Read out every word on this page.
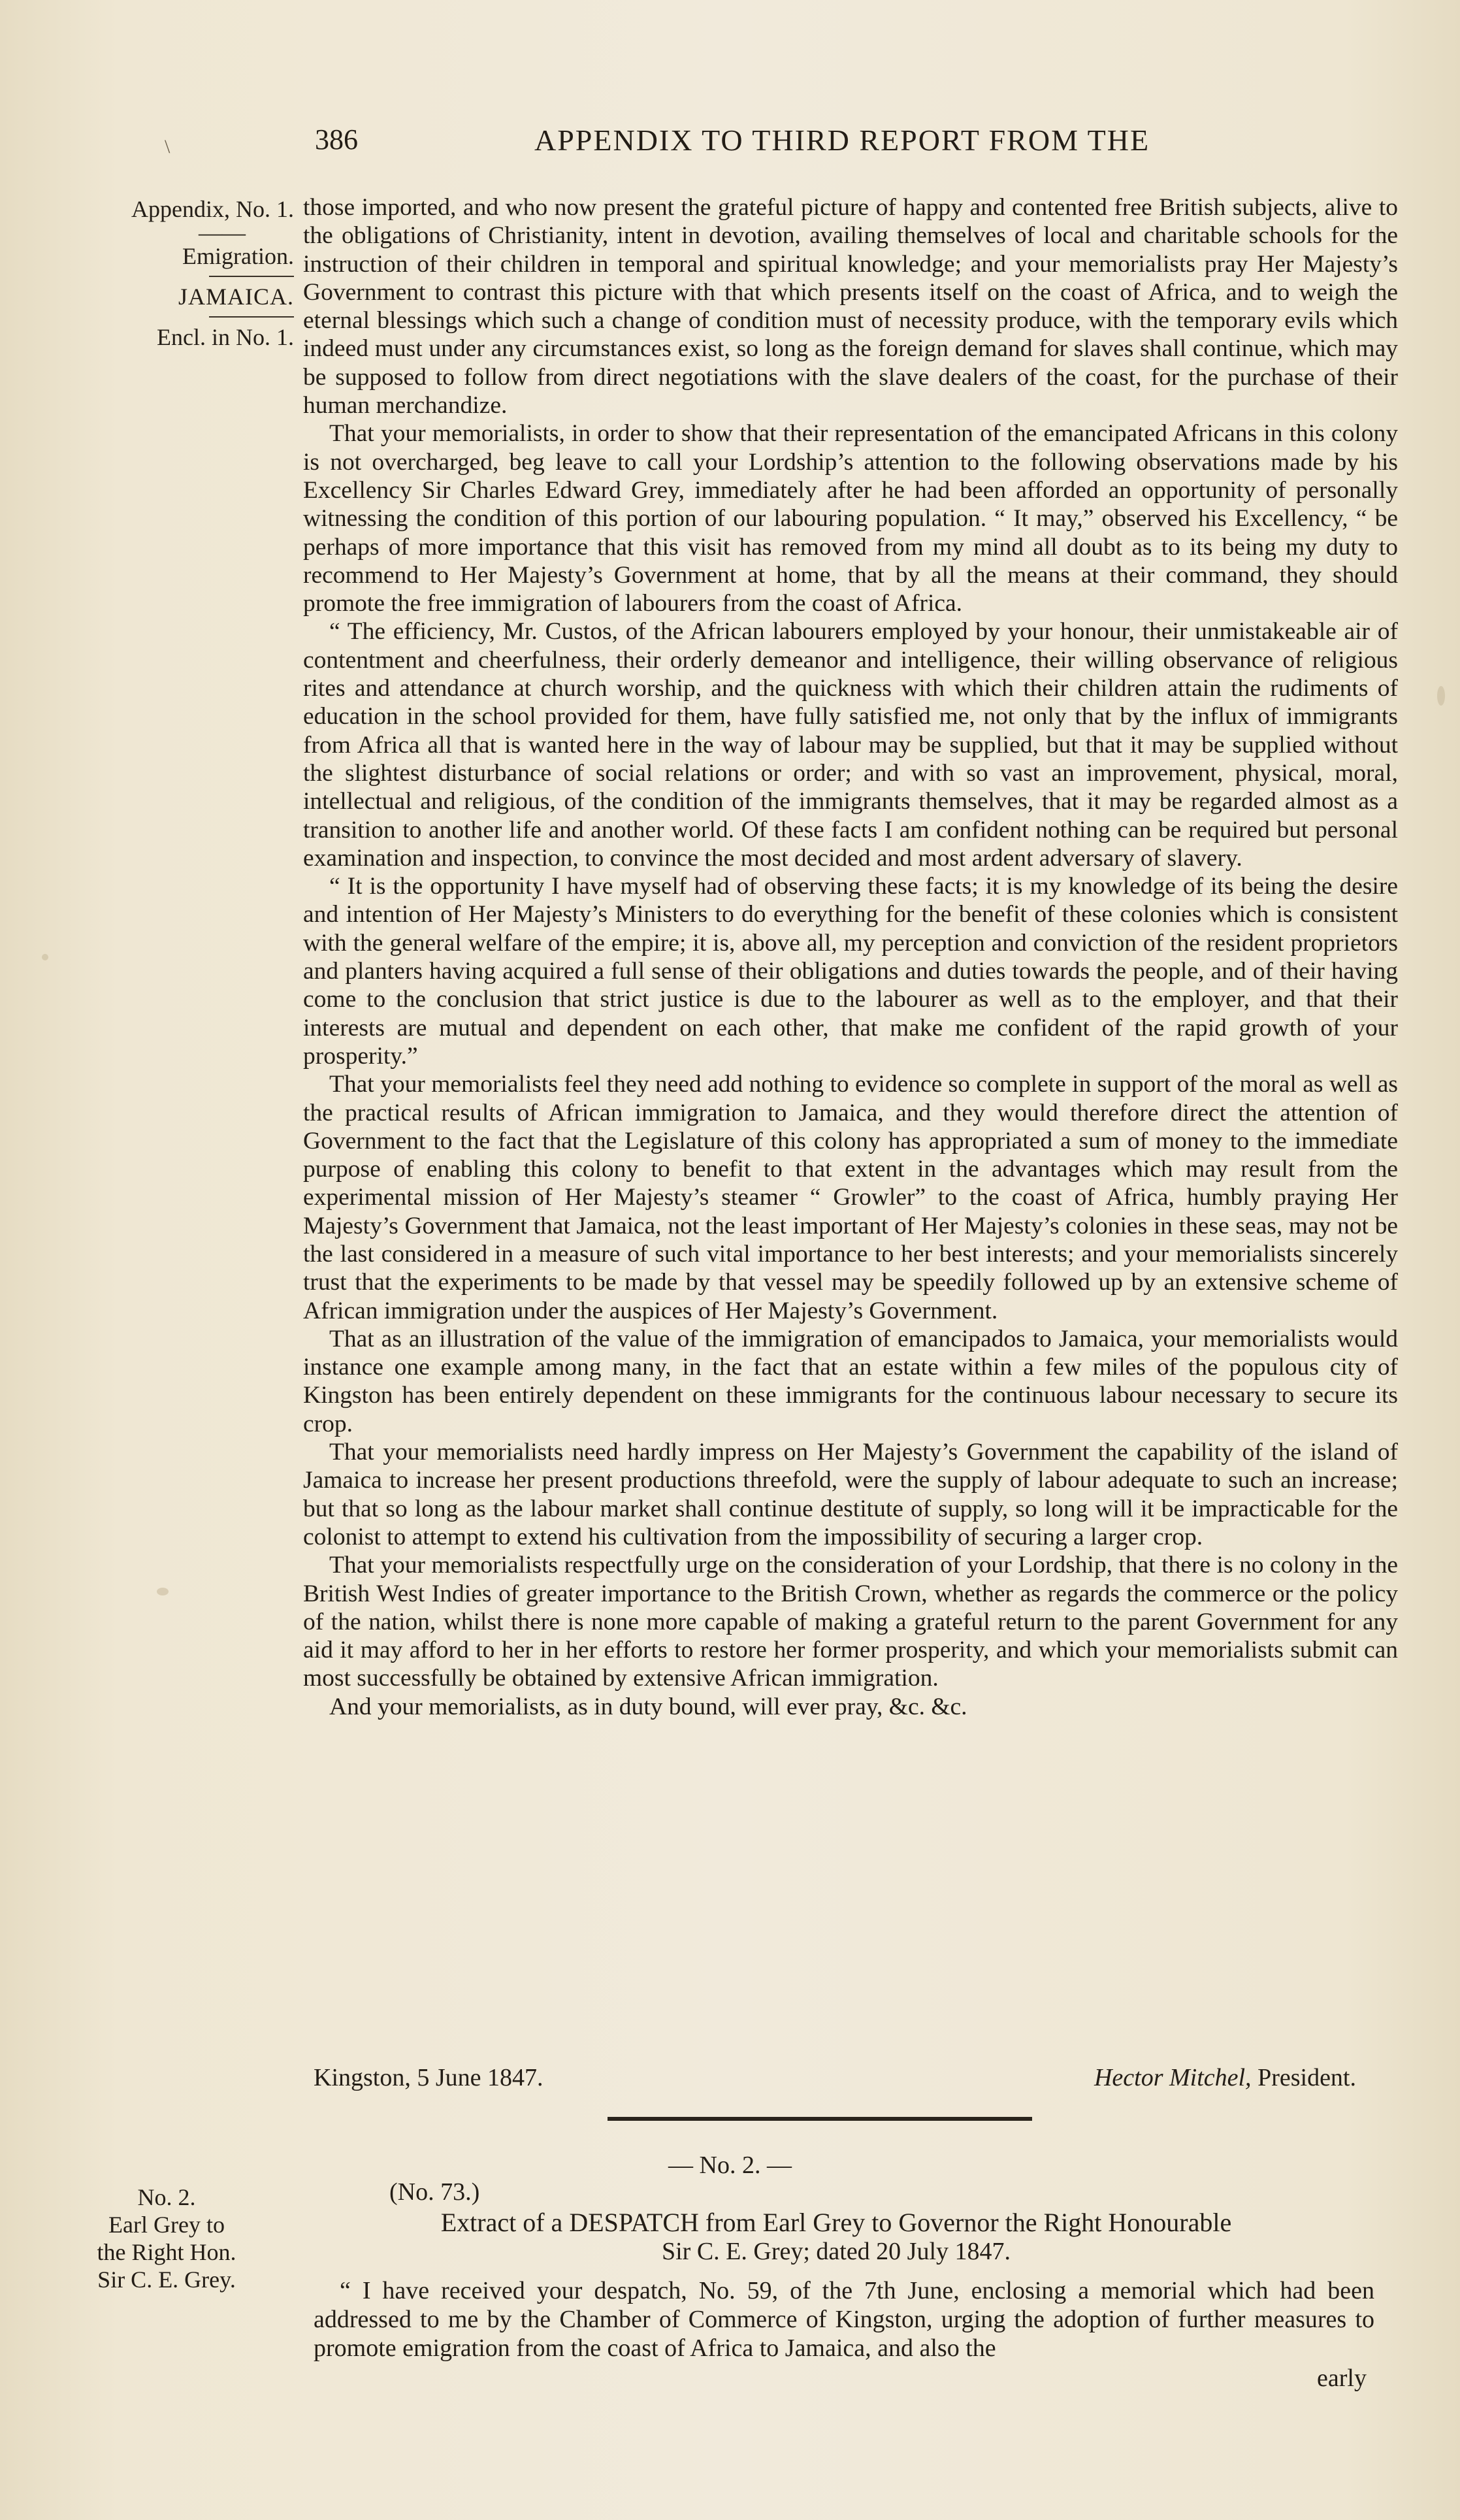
\	386	APPENDIX TO THIRD REPORT FROM THE
Appendix, No. 1.
——
Emigration.
JAMAICA.
Encl. in No. 1.

those imported, and who now present the grateful picture of happy and contented free British subjects, alive to the obligations of Christianity, intent in devotion, availing themselves of local and charitable schools for the instruction of their children in temporal and spiritual knowledge; and your memorialists pray Her Majesty’s Government to contrast this picture with that which presents itself on the coast of Africa, and to weigh the eternal blessings which such a change of condition must of necessity produce, with the temporary evils which indeed must under any circumstances exist, so long as the foreign demand for slaves shall continue, which may be supposed to follow from direct negotiations with the slave dealers of the coast, for the purchase of their human merchandize.

That your memorialists, in order to show that their representation of the emancipated Africans in this colony is not overcharged, beg leave to call your Lordship’s attention to the following observations made by his Excellency Sir Charles Edward Grey, immediately after he had been afforded an opportunity of personally witnessing the condition of this portion of our labouring population. “ It may,” observed his Excellency, “ be perhaps of more importance that this visit has removed from my mind all doubt as to its being my duty to recommend to Her Majesty’s Government at home, that by all the means at their command, they should promote the free immigration of labourers from the coast of Africa.

“ The efficiency, Mr. Custos, of the African labourers employed by your honour, their unmistakeable air of contentment and cheerfulness, their orderly demeanor and intelligence, their willing observance of religious rites and attendance at church worship, and the quickness with which their children attain the rudiments of education in the school provided for them, have fully satisfied me, not only that by the influx of immigrants from Africa all that is wanted here in the way of labour may be supplied, but that it may be supplied without the slightest disturbance of social relations or order; and with so vast an improvement, physical, moral, intellectual and religious, of the condition of the immigrants themselves, that it may be regarded almost as a transition to another life and another world. Of these facts I am confident nothing can be required but personal examination and inspection, to convince the most decided and most ardent adversary of slavery.

“ It is the opportunity I have myself had of observing these facts; it is my knowledge of its being the desire and intention of Her Majesty’s Ministers to do everything for the benefit of these colonies which is consistent with the general welfare of the empire; it is, above all, my perception and conviction of the resident proprietors and planters having acquired a full sense of their obligations and duties towards the people, and of their having come to the conclusion that strict justice is due to the labourer as well as to the employer, and that their interests are mutual and dependent on each other, that make me confident of the rapid growth of your prosperity.”

That your memorialists feel they need add nothing to evidence so complete in support of the moral as well as the practical results of African immigration to Jamaica, and they would therefore direct the attention of Government to the fact that the Legislature of this colony has appropriated a sum of money to the immediate purpose of enabling this colony to benefit to that extent in the advantages which may result from the experimental mission of Her Majesty’s steamer “ Growler” to the coast of Africa, humbly praying Her Majesty’s Government that Jamaica, not the least important of Her Majesty’s colonies in these seas, may not be the last considered in a measure of such vital importance to her best interests; and your memorialists sincerely trust that the experiments to be made by that vessel may be speedily followed up by an extensive scheme of African immigration under the auspices of Her Majesty’s Government.

That as an illustration of the value of the immigration of emancipados to Jamaica, your memorialists would instance one example among many, in the fact that an estate within a few miles of the populous city of Kingston has been entirely dependent on these immigrants for the continuous labour necessary to secure its crop.

That your memorialists need hardly impress on Her Majesty’s Government the capability of the island of Jamaica to increase her present productions threefold, were the supply of labour adequate to such an increase; but that so long as the labour market shall continue destitute of supply, so long will it be impracticable for the colonist to attempt to extend his cultivation from the impossibility of securing a larger crop.

That your memorialists respectfully urge on the consideration of your Lordship, that there is no colony in the British West Indies of greater importance to the British Crown, whether as regards the commerce or the policy of the nation, whilst there is none more capable of making a grateful return to the parent Government for any aid it may afford to her in her efforts to restore her former prosperity, and which your memorialists submit can most successfully be obtained by extensive African immigration.

And your memorialists, as in duty bound, will ever pray, &c. &c.

Kingston, 5 June 1847.	Hector Mitchel, President.
— No. 2. —
No. 2.
Earl Grey to
the Right Hon.
Sir C. E. Grey.
(No. 73.)
Extract of a DESPATCH from Earl Grey to Governor the Right Honourable
Sir C. E. Grey; dated 20 July 1847.

“ I have received your despatch, No. 59, of the 7th June, enclosing a memorial which had been addressed to me by the Chamber of Commerce of Kingston, urging the adoption of further measures to promote emigration from the coast of Africa to Jamaica, and also the

early
